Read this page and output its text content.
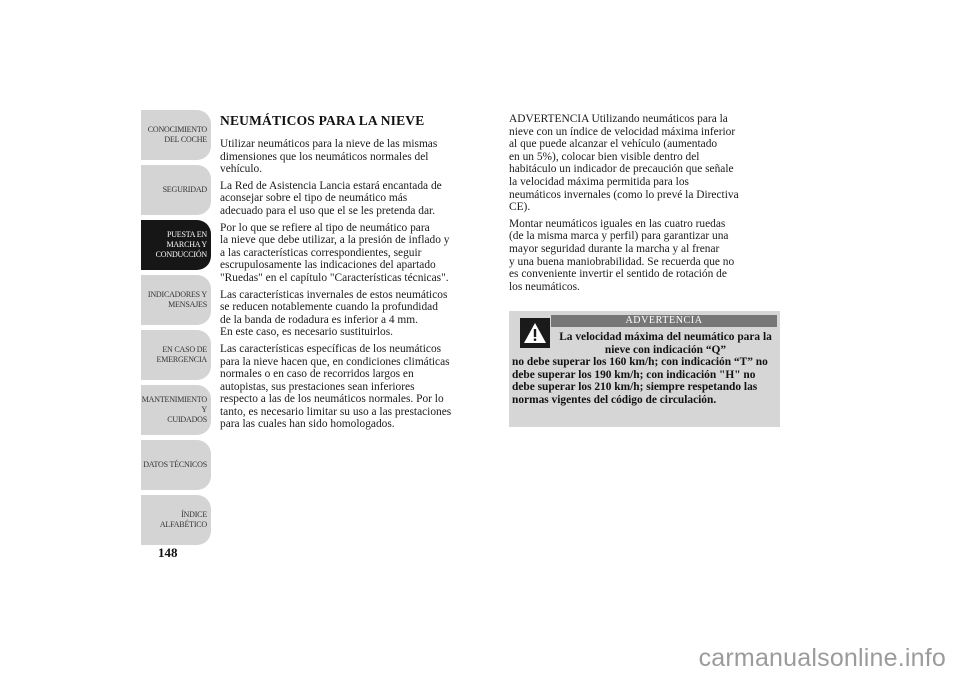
CONOCIMIENTO
DEL COCHE
SEGURIDAD
PUESTA EN
MARCHA Y
CONDUCCIÓN
INDICADORES Y
MENSAJES
EN CASO DE
EMERGENCIA
MANTENIMIENTO Y
CUIDADOS
DATOS TÉCNICOS
ÍNDICE
ALFABÉTICO
148
NEUMÁTICOS PARA LA NIEVE

Utilizar neumáticos para la nieve de las mismas
dimensiones que los neumáticos normales del
vehículo.

La Red de Asistencia Lancia estará encantada de
aconsejar sobre el tipo de neumático más
adecuado para el uso que el se les pretenda dar.

Por lo que se refiere al tipo de neumático para
la nieve que debe utilizar, a la presión de inflado y
a las características correspondientes, seguir
escrupulosamente las indicaciones del apartado
"Ruedas" en el capítulo "Características técnicas".

Las características invernales de estos neumáticos
se reducen notablemente cuando la profundidad
de la banda de rodadura es inferior a 4 mm.
En este caso, es necesario sustituirlos.

Las características específicas de los neumáticos
para la nieve hacen que, en condiciones climáticas
normales o en caso de recorridos largos en
autopistas, sus prestaciones sean inferiores
respecto a las de los neumáticos normales. Por lo
tanto, es necesario limitar su uso a las prestaciones
para las cuales han sido homologados.

ADVERTENCIA Utilizando neumáticos para la
nieve con un índice de velocidad máxima inferior
al que puede alcanzar el vehículo (aumentado
en un 5%), colocar bien visible dentro del
habitáculo un indicador de precaución que señale
la velocidad máxima permitida para los
neumáticos invernales (como lo prevé la Directiva
CE).

Montar neumáticos iguales en las cuatro ruedas
(de la misma marca y perfil) para garantizar una
mayor seguridad durante la marcha y al frenar
y una buena maniobrabilidad. Se recuerda que no
es conveniente invertir el sentido de rotación de
los neumáticos.

ADVERTENCIA
La velocidad máxima del neumático para la nieve con indicación “Q”
no debe superar los 160 km/h; con indicación “T” no debe superar los 190 km/h; con indicación "H" no debe superar los 210 km/h; siempre respetando las normas vigentes del código de circulación.
carmanualsonline.info
